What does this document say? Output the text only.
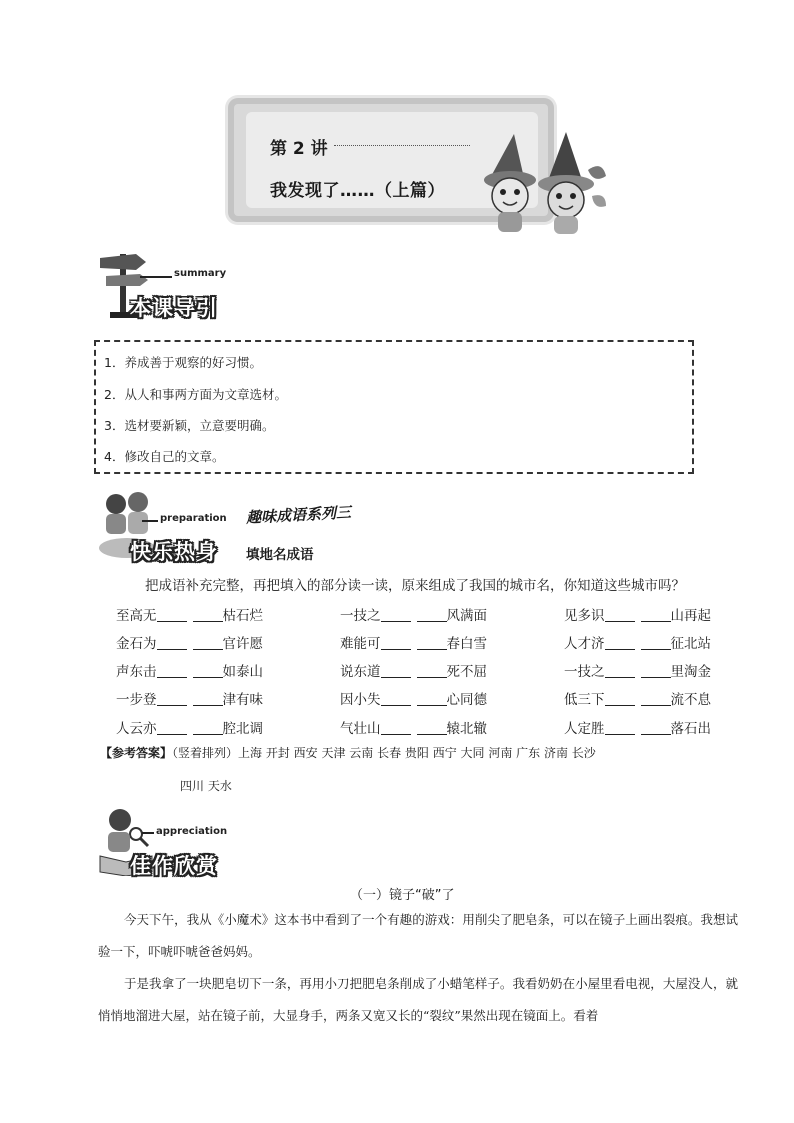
第 2 讲
我发现了……（上篇）
summary
本课导引
1．养成善于观察的好习惯。
2．从人和事两方面为文章选材。
3．选材要新颖，立意要明确。
4．修改自己的文章。
preparation
快乐热身
趣味成语系列三
填地名成语
把成语补充完整，再把填入的部分读一读，原来组成了我国的城市名，你知道这些城市吗？
至高无	枯石烂	一技之	风满面	见多识	山再起
金石为	官许愿	难能可	春白雪	人才济	征北站
声东击	如泰山	说东道	死不屈	一技之	里淘金
一步登	津有味	因小失	心同德	低三下	流不息
人云亦	腔北调	气壮山	辕北辙	人定胜	落石出
【参考答案】（竖着排列）上海 开封 西安 天津 云南 长春 贵阳 西宁 大同 河南 广东 济南 长沙
四川 天水
appreciation
佳作欣赏
（一）镜子“破”了
今天下午，我从《小魔术》这本书中看到了一个有趣的游戏：用削尖了肥皂条，可以在镜子上画出裂痕。我想试验一下，吓唬吓唬爸爸妈妈。
于是我拿了一块肥皂切下一条，再用小刀把肥皂条削成了小蜡笔样子。我看奶奶在小屋里看电视，大屋没人，就悄悄地溜进大屋，站在镜子前，大显身手，两条又宽又长的“裂纹”果然出现在镜面上。看着
